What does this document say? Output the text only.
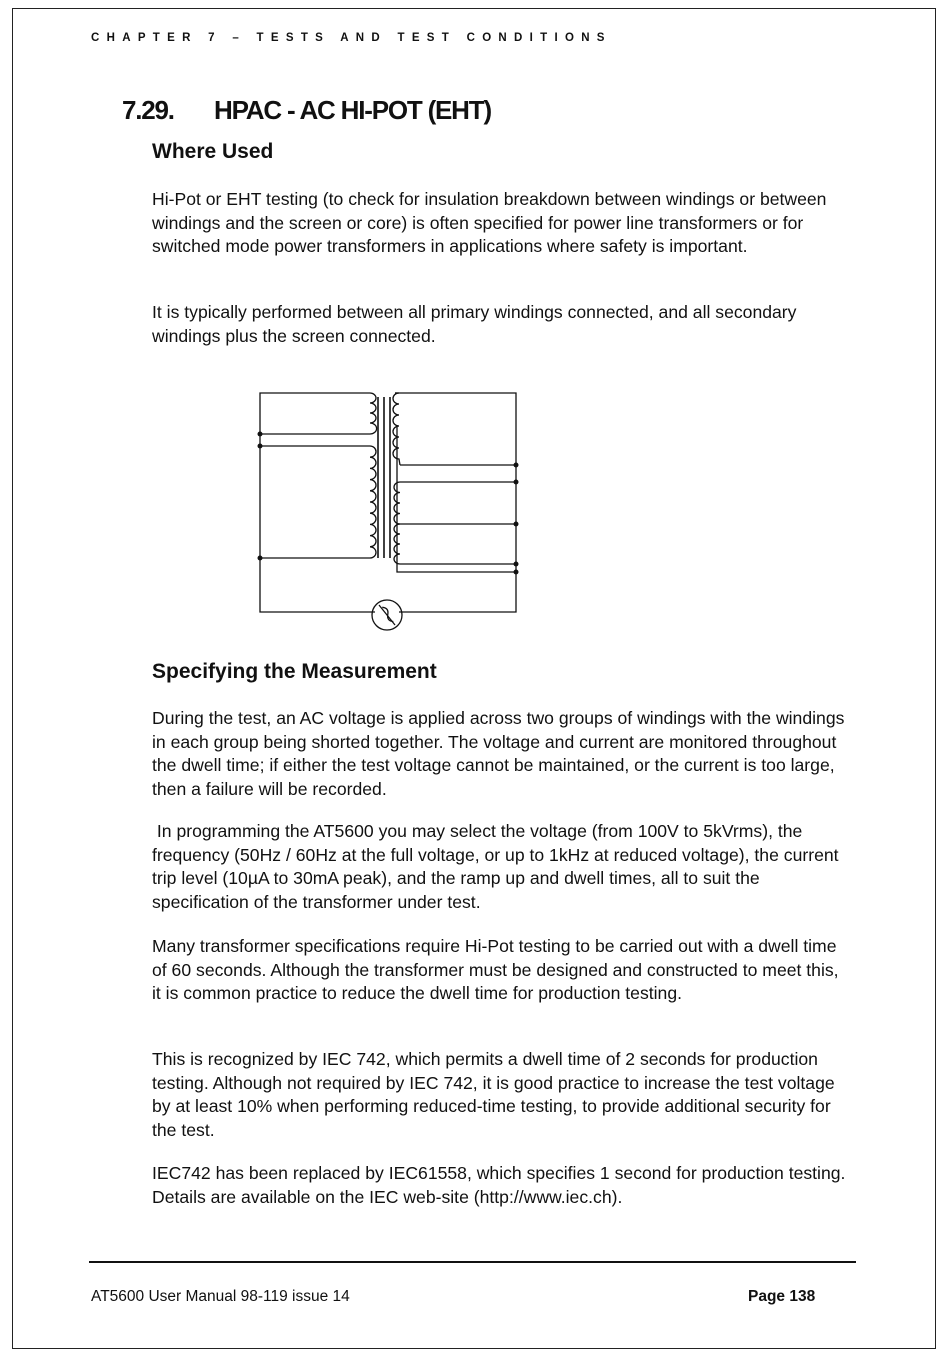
CHAPTER 7 – TESTS AND TEST CONDITIONS
7.29. HPAC - AC HI-POT (EHT)
Where Used

Hi-Pot or EHT testing (to check for insulation breakdown between windings or between windings and the screen or core) is often specified for power line transformers or for switched mode power transformers in applications where safety is important.

It is typically performed between all primary windings connected, and all secondary windings plus the screen connected.

Specifying the Measurement

During the test, an AC voltage is applied across two groups of windings with the windings in each group being shorted together. The voltage and current are monitored throughout the dwell time; if either the test voltage cannot be maintained, or the current is too large, then a failure will be recorded.

In programming the AT5600 you may select the voltage (from 100V to 5kVrms), the frequency (50Hz / 60Hz at the full voltage, or up to 1kHz at reduced voltage), the current trip level (10µA to 30mA peak), and the ramp up and dwell times, all to suit the specification of the transformer under test.

Many transformer specifications require Hi-Pot testing to be carried out with a dwell time of 60 seconds. Although the transformer must be designed and constructed to meet this, it is common practice to reduce the dwell time for production testing.

This is recognized by IEC 742, which permits a dwell time of 2 seconds for production testing. Although not required by IEC 742, it is good practice to increase the test voltage by at least 10% when performing reduced-time testing, to provide additional security for the test.

IEC742 has been replaced by IEC61558, which specifies 1 second for production testing. Details are available on the IEC web-site (http://www.iec.ch).

AT5600 User Manual 98-119 issue 14	Page 138
